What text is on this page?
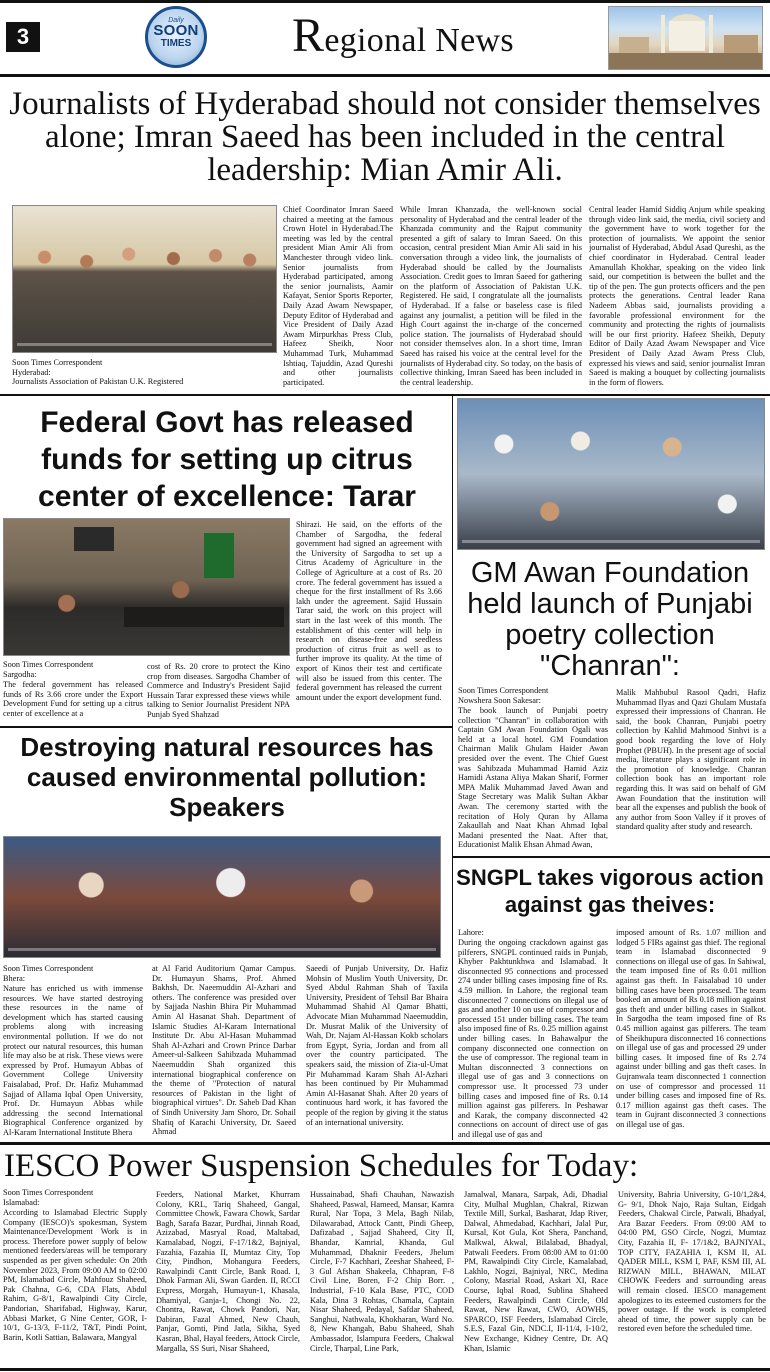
3
Daily
SOON
TIMES Regional News
Journalists of Hyderabad should not consider themselves alone; Imran Saeed has been included in the central leadership: Mian Amir Ali.
Soon Times Correspondent
Hyderabad:
Journalists Association of Pakistan U.K. Registered
Chief Coordinator Imran Saeed chaired a meeting at the famous Crown Hotel in Hyderabad.The meeting was led by the central president Mian Amir Ali from Manchester through video link. Senior journalists from Hyderabad participated, among the senior journalists, Aamir Kafayat, Senior Sports Reporter, Daily Azad Awam Newspaper, Deputy Editor of Hyderabad and Vice President of Daily Azad Awam Mirpurkhas Press Club, Hafeez Sheikh, Noor Muhammad Turk, Muhammad Ishtiaq, Tajuddin, Azad Qureshi and other journalists participated.
While Imran Khanzada, the well-known social personality of Hyderabad and the central leader of the Khanzada community and the Rajput community presented a gift of salary to Imran Saeed. On this occasion, central president Mian Amir Ali said in his conversation through a video link, the journalists of Hyderabad should be called by the Journalists Association. Credit goes to Imran Saeed for gathering on the platform of Association of Pakistan U.K. Registered. He said, I congratulate all the journalists of Hyderabad. If a false or baseless case is filed against any journalist, a petition will be filed in the High Court against the in-charge of the concerned police station. The journalists of Hyderabad should not consider themselves alon. In a short time, Imran Saeed has raised his voice at the central level for the journalists of Hyderabad city. So today, on the basis of collective thinking, Imran Saeed has been included in the central leadership.
Central leader Hamid Siddiq Anjum while speaking through video link said, the media, civil society and the government have to work together for the protection of journalists. We appoint the senior journalist of Hyderabad, Abdul Asad Qureshi, as the chief coordinator in Hyderabad. Central leader Amanullah Khokhar, speaking on the video link said, our competition is between the bullet and the tip of the pen. The gun protects officers and the pen protects the generations. Central leader Rana Nadeem Abbas said, journalists providing a favorable professional environment for the community and protecting the rights of journalists will be our first priority. Hafeez Sheikh, Deputy Editor of Daily Azad Awam Newspaper and Vice President of Daily Azad Awam Press Club, expressed his views and said, senior journalist Imran Saeed is making a bouquet by collecting journalists in the form of flowers.
Federal Govt has released funds for setting up citrus center of excellence: Tarar
Soon Times Correspondent
Sargodha:
The federal government has released funds of Rs 3.66 crore under the Export Development Fund for setting up a citrus center of excellence at a
cost of Rs. 20 crore to protect the Kino crop from diseases. Sargodha Chamber of Commerce and Industry's President Sajid Hussain Tarar expressed these views while talking to Senior Journalist President NPA Punjab Syed Shahzad
Shirazi. He said, on the efforts of the Chamber of Sargodha, the federal government had signed an agreement with the University of Sargodha to set up a Citrus Academy of Agriculture in the College of Agriculture at a cost of Rs. 20 crore. The federal government has issued a cheque for the first installment of Rs 3.66 lakh under the agreement. Sajid Hussain Tarar said, the work on this project will start in the last week of this month. The establishment of this center will help in research on disease-free and seedless production of citrus fruit as well as to further improve its quality. At the time of export of Kinos their test and certificate will also be issued from this center. The federal government has released the current amount under the export development fund.
GM Awan Foundation held launch of Punjabi poetry collection "Chanran":
Soon Times Correspondent
Nowshera Soon Sakesar:
The book launch of Punjabi poetry collection "Chanran" in collaboration with Captain GM Awan Foundation Ogali was held at a local hotel. GM Foundation Chairman Malik Ghulam Haider Awan presided over the event. The Chief Guest was Sahibzada Muhammad Hamid Aziz Hamidi Astana Aliya Makan Sharif, Former MPA Malik Muhammad Javed Awan and Stage Secretary was Malik Sultan Akbar Awan. The ceremony started with the recitation of Holy Quran by Allama Zakaullah and Naat Khan Ahmad Iqbal Madani presented the Naat. After that, Educationist Malik Ehsan Ahmad Awan,
Malik Mahbubul Rasool Qadri, Hafiz Muhammad Ilyas and Qazi Ghulam Mustafa expressed their impressions of Chanran. He said, the book Chanran, Punjabi poetry collection by Kahlid Mahmood Sinhvi is a good book regarding the love of Holy Prophet (PBUH). In the present age of social media, literature plays a significant role in the promotion of knowledge. Chanran collection book has an important role regarding this. It was said on behalf of GM Awan Foundation that the institution will bear all the expenses and publish the book of any author from Soon Valley if it proves of standard quality after study and research.
Destroying natural resources has caused environmental pollution: Speakers
Soon Times Correspondent
Bhera:
Nature has enriched us with immense resources. We have started destroying these resources in the name of development which has started causing problems along with increasing environmental pollution. If we do not protect our natural resources, this human life may also be at risk. These views were expressed by Prof. Humayun Abbas of Government College University Faisalabad, Prof. Dr. Hafiz Muhammad Sajjad of Allama Iqbal Open University, Prof. Dr. Humayun Abbas while addressing the second International Biographical Conference organized by Al-Karam International Institute Bhera
at Al Farid Auditorium Qamar Campus. Dr. Humayun Shams, Prof. Ahmed Bakhsh, Dr. Naeemuddin Al-Azhari and others. The conference was presided over by Sajjada Nashin Bhira Pir Muhammad Amin Al Hasanat Shah. Department of Islamic Studies Al-Karam International Institute Dr. Abu Al-Hasan Muhammad Shah Al-Azhari and Crown Prince Darbar Ameer-ul-Salkeen Sahibzada Muhammad Naeemuddin Shah organized this international biographical conference on the theme of "Protection of natural resources of Pakistan in the light of biographical virtues". Dr. Saheb Dad Khan of Sindh University Jam Shoro, Dr. Sohail Shafiq of Karachi University, Dr. Saeed Ahmad
Saeedi of Punjab University, Dr. Hafiz Mohsin of Muslim Youth University, Dr. Syed Abdul Rahman Shah of Taxila University, President of Tehsil Bar Bhaira Muhammad Shahid Al Qamar Bhatti, Advocate Mian Muhammad Naeemuddin, Dr. Musrat Malik of the University of Wah, Dr. Najam Al-Hassan Kokb scholars from Egypt, Syria, Jordan and from all over the country participated. The speakers said, the mission of Zia-ul-Umat Pir Muhammad Karam Shah Al-Azhari has been continued by Pir Muhammad Amin Al-Hasanat Shah. After 20 years of continuous hard work, it has favored the people of the region by giving it the status of an international university.
SNGPL takes vigorous action against gas theives:
Lahore:
During the ongoing crackdown against gas pilferers, SNGPL continued raids in Punjab, Khyber Pakhtunkhwa and Islamabad. It disconnected 95 connections and processed 274 under billing cases imposing fine of Rs. 4.59 million. In Lahore, the regional team disconnected 7 connections on illegal use of gas and another 10 on use of compressor and processed 151 under billing cases. The team also imposed fine of Rs. 0.25 million against under billing cases. In Bahawalpur the company disconnected one connection on the use of compressor. The regional team in Multan disconnected 3 connections on illegal use of gas and 3 connections on compressor use. It processed 73 under billing cases and imposed fine of Rs. 0.14 million against gas pilferers. In Peshawar and Karak, the company disconnected 42 connections on account of direct use of gas and illegal use of gas and
imposed amount of Rs. 1.07 million and lodged 5 FIRs against gas thief. The regional team in Islamabad disconnected 9 connections on illegal use of gas. In Sahiwal, the team imposed fine of Rs 0.01 million against gas theft. In Faisalabad 10 under billing cases have been processed. The team booked an amount of Rs 0.18 million against gas theft and under billing cases in Sialkot. In Sargodha the team imposed fine of Rs 0.45 million against gas pilferers. The team of Sheikhupura disconnected 16 connections on illegal use of gas and processed 29 under billing cases. It imposed fine of Rs 2.74 against under billing and gas theft cases. In Gujranwala team disconnected 1 connection on use of compressor and processed 11 under billing cases and imposed fine of Rs. 0.17 million against gas theft cases. The team in Gujrant disconnected 3 connections on illegal use of gas.
IESCO Power Suspension Schedules for Today:
Soon Times Correspondent
Islamabad:
According to Islamabad Electric Supply Company (IESCO)'s spokesman, System Maintenance/Development Work is in process. Therefore power supply of below mentioned feeders/areas will be temporary suspended as per given schedule: On 20th November 2023, From 09:00 AM to 02:00 PM, Islamabad Circle, Mahfouz Shaheed, Pak Chahna, G-6, CDA Flats, Abdul Rahim, G-8/1, Rawalpindi City Circle, Pandorian, Sharifabad, Highway, Karur, Abbasi Market, G Nine Center, GOR, I-10/1, G-13/3, F-11/2, T&T, Pindi Point, Barin, Kotli Sattian, Balawara, Mangyal
Feeders, National Market, Khurram Colony, KRL, Tariq Shaheed, Gangal, Committee Chowk, Fawara Chowk, Sardar Bagh, Sarafa Bazar, Purdhai, Jinnah Road, Azizabad, Masryal Road, Maltabad, Kamalabad, Nogzi, F-17/1&2, Bajniyal, Fazahia, Fazahia II, Mumtaz City, Top City, Pindhon, Mohangura Feeders, Rawalpindi Cantt Circle, Bank Road. I, Dhok Farman Ali, Swan Garden. II, RCCI Express, Morgah, Humayun-1, Khasala, Dhamiyal, Ganja-1, Chongi No. 22, Chontra, Rawat, Chowk Pandori, Nar, Dabiran, Fazal Ahmed, New Chauh, Panjar, Gomti, Pind Jatla, Sikha, Syed Kasran, Bhal, Hayal feeders, Attock Circle, Margalla, SS Suri, Nisar Shaheed,
Hussainabad, Shafi Chauhan, Nawazish Shaheed, Paswal, Hameed, Mansar, Kamra Rural, Nar Topa, 3 Mela, Bagh Nilab, Dilawarabad, Attock Cantt, Pindi Gheep, Dafizabad , Sajjad Shaheed, City II, Bhandar, Kamrial, Khanda, Gul Muhammad, Dhaknir Feeders, Jhelum Circle, F-7 Kachhari, Zeeshar Shaheed, F-3 Gul Afshan Shakeela, Chhapran, F-8 Civil Line, Boren, F-2 Chip Borr. , Industrial, F-10 Kala Base, PTC, COD Kala, Dina 3 Rohtas, Chamala, Captain Nisar Shaheed, Pedayal, Safdar Shaheed, Sanghui, Nathwala, Khokharan, Ward No. 8, New Khangah, Babu Shaheed, Shah Ambassador, Islampura Feeders, Chakwal Circle, Tharpal, Line Park,
Jamalwal, Manara, Sarpak, Adi, Dhadial City, Mulhal Mughlan, Chakral, Rizwan Textile Mill, Surkal, Basharat, Jdap River, Dalwal, Ahmedabad, Kachhari, Jalal Pur, Kursal, Kot Gula, Kot Shera, Panchand, Malkwal, Akwal, Bilalabad, Bhadyal, Patwali Feeders. From 08:00 AM to 01:00 PM, Rawalpindi City Circle, Kamalabad, Lakhlo, Nogzi, Bajniyal, NRC, Medina Colony, Masrial Road, Askari XI, Race Course, Iqbal Road, Sublina Shaheed Feeders, Rawalpindi Cantt Circle, Old Rawat, New Rawat, CWO, AOWHS, SPARCO, ISF Feeders, Islamabad Circle, S.E.S, Fazal Gin, NDC.I, II-11/4, I-10/2, New Exchange, Kidney Centre, Dr. AQ Khan, Islamic
University, Bahria University, G-10/1,2&4, G- 9/1, Dhok Najo, Raja Sultan, Eidgah Feeders, Chakwal Circle, Patwali, Bhadyal, Ara Bazar Feeders. From 09:00 AM to 04:00 PM, GSO Circle, Nogzi, Mumtaz City, Fazahia II, F- 17/1&2, BAJNIYAL, TOP CITY, FAZAHIA I, KSM II, AL QADER MILL, KSM I, PAF, KSM III, AL RIZWAN MILL, BHAWAN, MILAT CHOWK Feeders and surrounding areas will remain closed. IESCO management apologizes to its esteemed customers for the power outage. If the work is completed ahead of time, the power supply can be restored even before the scheduled time.
